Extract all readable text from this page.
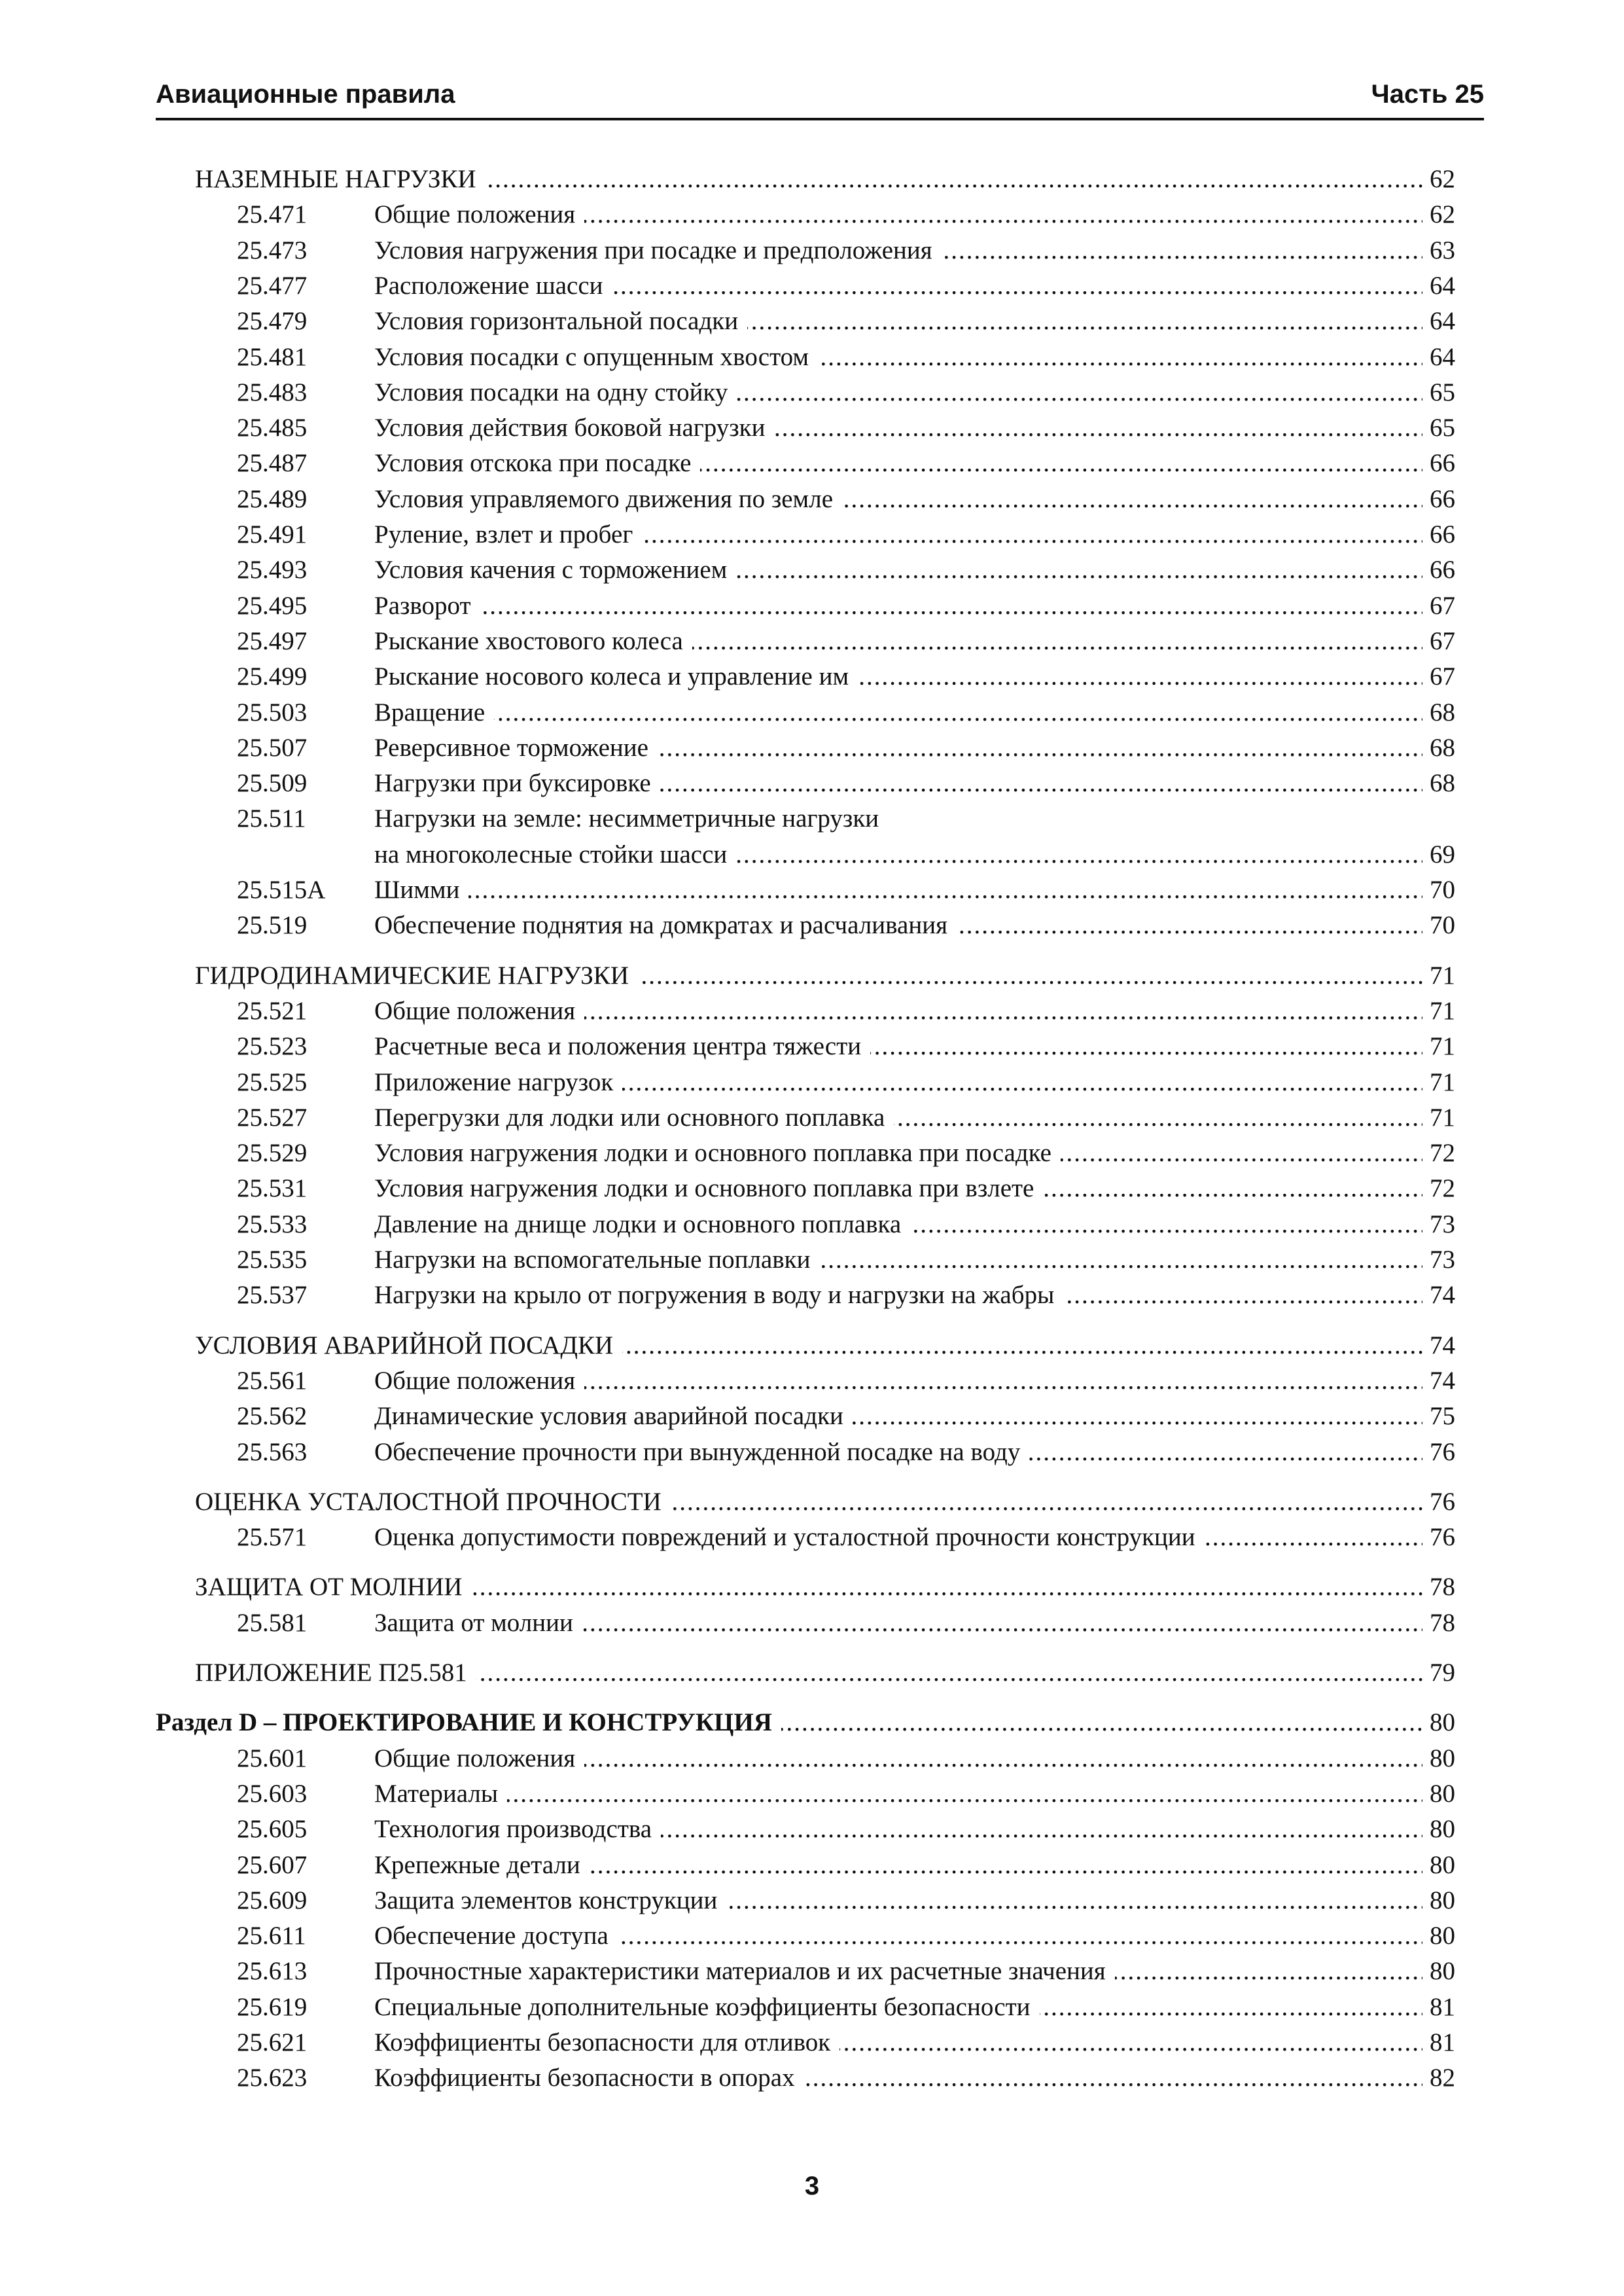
Авиационные правила	Часть 25
НАЗЕМНЫЕ НАГРУЗКИ .....	62
25.471	Общие положения .....	62
25.473	Условия нагружения при посадке и предположения .....	63
25.477	Расположение шасси .....	64
25.479	Условия горизонтальной посадки .....	64
25.481	Условия посадки с опущенным хвостом .....	64
25.483	Условия посадки на одну стойку .....	65
25.485	Условия действия боковой нагрузки .....	65
25.487	Условия отскока при посадке .....	66
25.489	Условия управляемого движения по земле .....	66
25.491	Руление, взлет и пробег .....	66
25.493	Условия качения с торможением .....	66
25.495	Разворот .....	67
25.497	Рыскание хвостового колеса .....	67
25.499	Рыскание носового колеса и управление им .....	67
25.503	Вращение .....	68
25.507	Реверсивное торможение .....	68
25.509	Нагрузки при буксировке .....	68
25.511	Нагрузки на земле: несимметричные нагрузки
на многоколесные стойки шасси .....	69
25.515А Шимми .....	70
25.519	Обеспечение поднятия на домкратах и расчаливания .....	70
ГИДРОДИНАМИЧЕСКИЕ НАГРУЗКИ .....	71
25.521	Общие положения .....	71
25.523	Расчетные веса и положения центра тяжести .....	71
25.525	Приложение нагрузок .....	71
25.527	Перегрузки для лодки или основного поплавка .....	71
25.529	Условия нагружения лодки и основного поплавка при посадке .....	72
25.531	Условия нагружения лодки и основного поплавка при взлете .....	72
25.533	Давление на днище лодки и основного поплавка .....	73
25.535	Нагрузки на вспомогательные поплавки .....	73
25.537	Нагрузки на крыло от погружения в воду и нагрузки на жабры .....	74
УСЛОВИЯ АВАРИЙНОЙ ПОСАДКИ .....	74
25.561	Общие положения .....	74
25.562	Динамические условия аварийной посадки .....	75
25.563	Обеспечение прочности при вынужденной посадке на воду .....	76
ОЦЕНКА УСТАЛОСТНОЙ ПРОЧНОСТИ .....	76
25.571	Оценка допустимости повреждений и усталостной прочности конструкции .....	76
ЗАЩИТА ОТ МОЛНИИ .....	78
25.581	Защита от молнии .....	78
ПРИЛОЖЕНИЕ П25.581 .....	79
Раздел D – ПРОЕКТИРОВАНИЕ И КОНСТРУКЦИЯ .....	80
25.601	Общие положения .....	80
25.603	Материалы .....	80
25.605	Технология производства .....	80
25.607	Крепежные детали .....	80
25.609	Защита элементов конструкции .....	80
25.611	Обеспечение доступа .....	80
25.613	Прочностные характеристики материалов и их расчетные значения .....	80
25.619	Специальные дополнительные коэффициенты безопасности .....	81
25.621	Коэффициенты безопасности для отливок .....	81
25.623	Коэффициенты безопасности в опорах .....	82
3
